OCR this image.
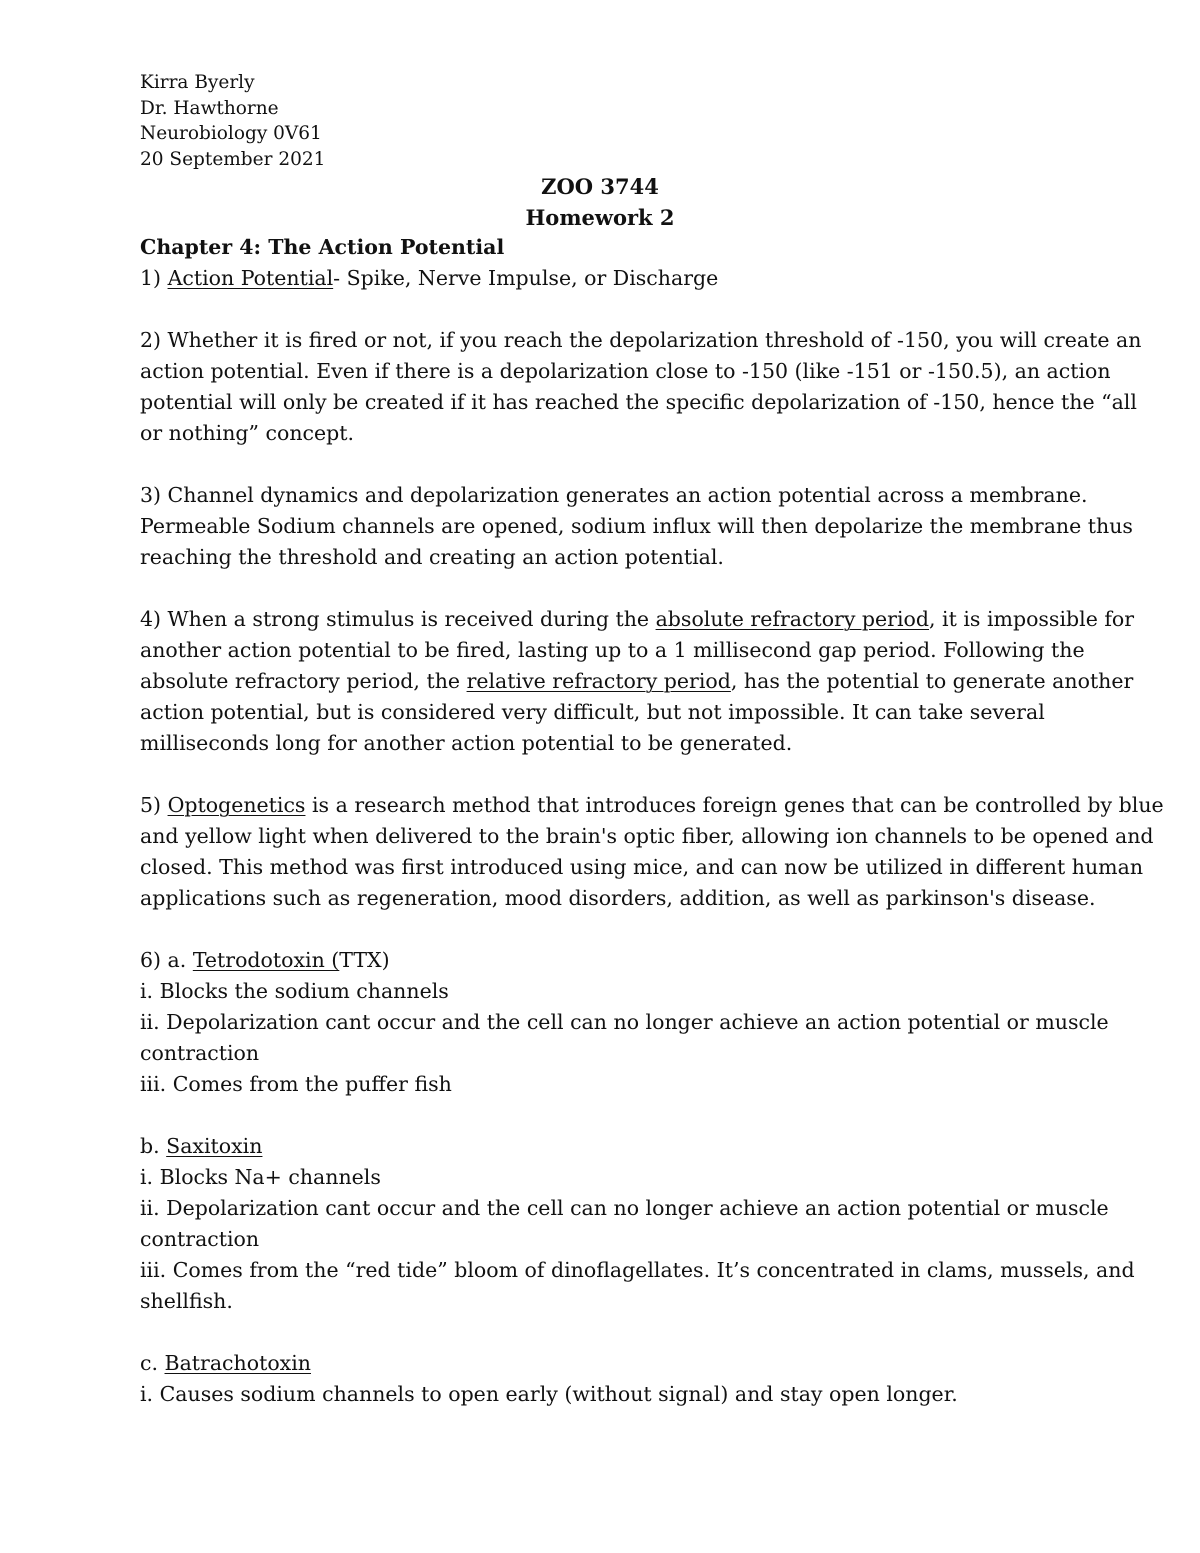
Kirra Byerly
Dr. Hawthorne
Neurobiology 0V61
20 September 2021
ZOO 3744
Homework 2
Chapter 4: The Action Potential
1) Action Potential- Spike, Nerve Impulse, or Discharge
2) Whether it is fired or not, if you reach the depolarization threshold of -150, you will create an
action potential. Even if there is a depolarization close to -150 (like -151 or -150.5), an action
potential will only be created if it has reached the specific depolarization of -150, hence the “all
or nothing” concept.
3) Channel dynamics and depolarization generates an action potential across a membrane.
Permeable Sodium channels are opened, sodium influx will then depolarize the membrane thus
reaching the threshold and creating an action potential.
4) When a strong stimulus is received during the absolute refractory period, it is impossible for
another action potential to be fired, lasting up to a 1 millisecond gap period. Following the
absolute refractory period, the relative refractory period, has the potential to generate another
action potential, but is considered very difficult, but not impossible. It can take several
milliseconds long for another action potential to be generated.
5) Optogenetics is a research method that introduces foreign genes that can be controlled by blue
and yellow light when delivered to the brain's optic fiber, allowing ion channels to be opened and
closed. This method was first introduced using mice, and can now be utilized in different human
applications such as regeneration, mood disorders, addition, as well as parkinson's disease.
6) a. Tetrodotoxin (TTX)
i. Blocks the sodium channels
ii. Depolarization cant occur and the cell can no longer achieve an action potential or muscle
contraction
iii. Comes from the puffer fish
b. Saxitoxin
i. Blocks Na+ channels
ii. Depolarization cant occur and the cell can no longer achieve an action potential or muscle
contraction
iii. Comes from the “red tide” bloom of dinoflagellates. It’s concentrated in clams, mussels, and
shellfish.
c. Batrachotoxin
i. Causes sodium channels to open early (without signal) and stay open longer.
